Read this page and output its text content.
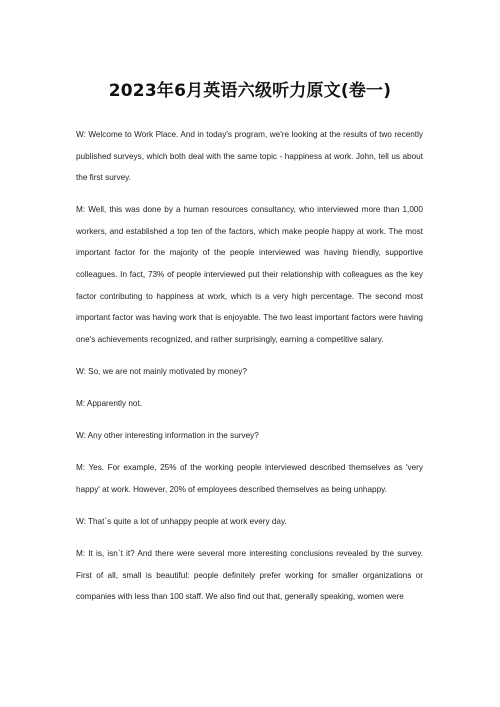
2023年6月英语六级听力原文(卷一)

W: Welcome to Work Place. And in today's program, we're looking at the results of two recently published surveys, which both deal with the same topic - happiness at work. John, tell us about the first survey.

M: Well, this was done by a human resources consultancy, who interviewed more than 1,000 workers, and established a top ten of the factors, which make people happy at work. The most important factor for the majority of the people interviewed was having friendly, supportive colleagues. In fact, 73% of people interviewed put their relationship with colleagues as the key factor contributing to happiness at work, which is a very high percentage. The second most important factor was having work that is enjoyable. The two least important factors were having one's achievements recognized, and rather surprisingly, earning a competitive salary.

W: So, we are not mainly motivated by money?

M: Apparently not.

W: Any other interesting information in the survey?

M: Yes. For example, 25% of the working people interviewed described themselves as 'very happy' at work. However, 20% of employees described themselves as being unhappy.

W: That`s quite a lot of unhappy people at work every day.

M: It is, isn`t it? And there were several more interesting conclusions revealed by the survey. First of all, small is beautiful: people definitely prefer working for smaller organizations or companies with less than 100 staff. We also find out that, generally speaking, women were
